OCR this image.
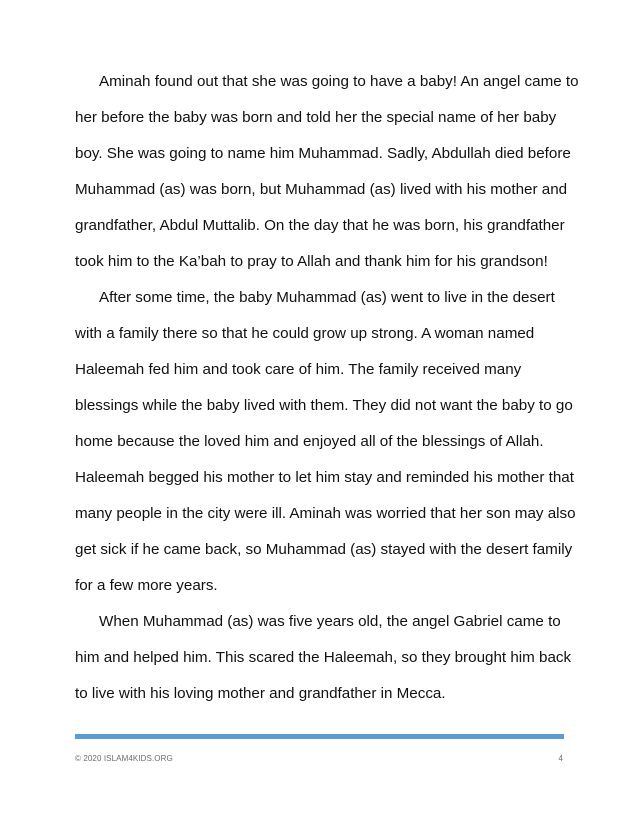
Aminah found out that she was going to have a baby! An angel came to
her before the baby was born and told her the special name of her baby
boy. She was going to name him Muhammad. Sadly, Abdullah died before
Muhammad (as) was born, but Muhammad (as) lived with his mother and
grandfather, Abdul Muttalib. On the day that he was born, his grandfather
took him to the Ka’bah to pray to Allah and thank him for his grandson!
After some time, the baby Muhammad (as) went to live in the desert
with a family there so that he could grow up strong. A woman named
Haleemah fed him and took care of him. The family received many
blessings while the baby lived with them. They did not want the baby to go
home because the loved him and enjoyed all of the blessings of Allah.
Haleemah begged his mother to let him stay and reminded his mother that
many people in the city were ill. Aminah was worried that her son may also
get sick if he came back, so Muhammad (as) stayed with the desert family
for a few more years.
When Muhammad (as) was five years old, the angel Gabriel came to
him and helped him. This scared the Haleemah, so they brought him back
to live with his loving mother and grandfather in Mecca.
© 2020 ISLAM4KIDS.ORG	4
